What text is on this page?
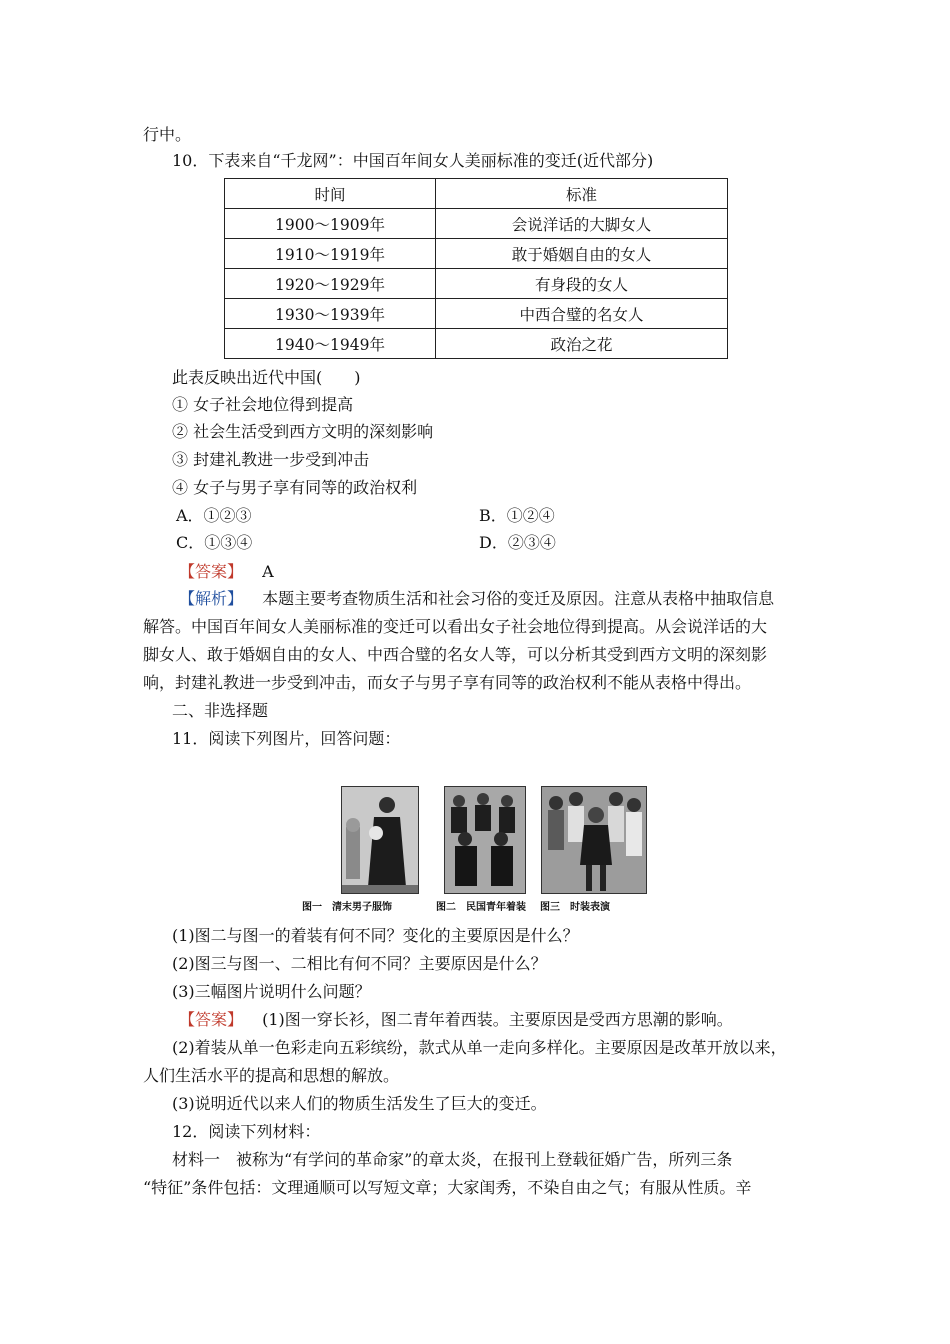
行中。
10．下表来自“千龙网”：中国百年间女人美丽标准的变迁(近代部分)
时间	标准
1900～1909年	会说洋话的大脚女人
1910～1919年	敢于婚姻自由的女人
1920～1929年	有身段的女人
1930～1939年	中西合璧的名女人
1940～1949年	政治之花
此表反映出近代中国(　　)
① 女子社会地位得到提高
② 社会生活受到西方文明的深刻影响
③ 封建礼教进一步受到冲击
④ 女子与男子享有同等的政治权利
A．①②③	B．①②④
C．①③④	D．②③④
【答案】 A
【解析】 本题主要考查物质生活和社会习俗的变迁及原因。注意从表格中抽取信息
解答。中国百年间女人美丽标准的变迁可以看出女子社会地位得到提高。从会说洋话的大
脚女人、敢于婚姻自由的女人、中西合璧的名女人等，可以分析其受到西方文明的深刻影
响，封建礼教进一步受到冲击，而女子与男子享有同等的政治权利不能从表格中得出。
二、非选择题
11．阅读下列图片，回答问题：
图一　清末男子服饰	图二　民国青年着装 图三　时装表演
(1)图二与图一的着装有何不同？变化的主要原因是什么？
(2)图三与图一、二相比有何不同？主要原因是什么？
(3)三幅图片说明什么问题？
【答案】 (1)图一穿长衫，图二青年着西装。主要原因是受西方思潮的影响。
(2)着装从单一色彩走向五彩缤纷，款式从单一走向多样化。主要原因是改革开放以来，
人们生活水平的提高和思想的解放。
(3)说明近代以来人们的物质生活发生了巨大的变迁。
12．阅读下列材料：
材料一　被称为“有学问的革命家”的章太炎，在报刊上登载征婚广告，所列三条
“特征”条件包括：文理通顺可以写短文章；大家闺秀，不染自由之气；有服从性质。辛
